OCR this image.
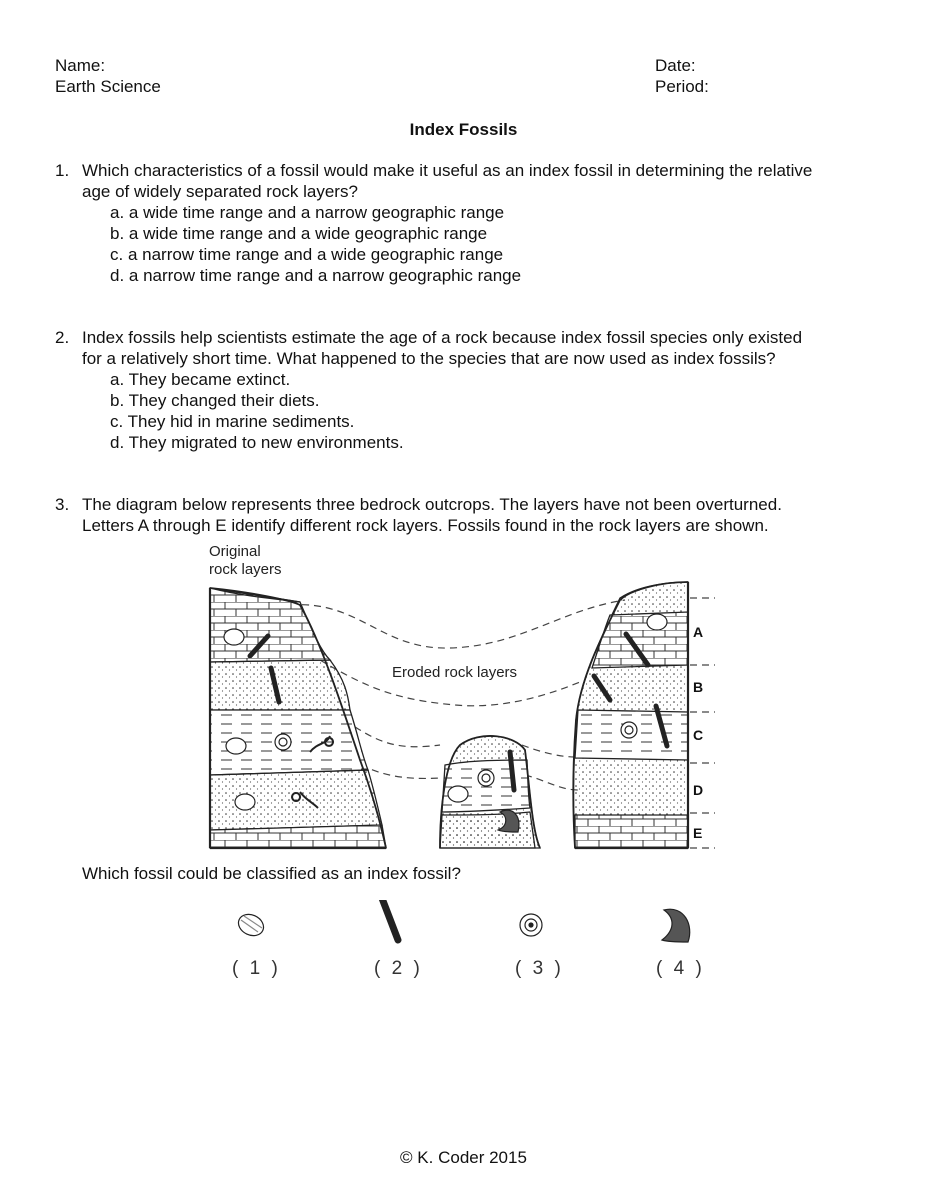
Name:
Earth Science
Date:
Period:
Index Fossils
1. Which characteristics of a fossil would make it useful as an index fossil in determining the relative
age of widely separated rock layers?
a. a wide time range and a narrow geographic range
b. a wide time range and a wide geographic range
c. a narrow time range and a wide geographic range
d. a narrow time range and a narrow geographic range
2. Index fossils help scientists estimate the age of a rock because index fossil species only existed
for a relatively short time. What happened to the species that are now used as index fossils?
a. They became extinct.
b. They changed their diets.
c. They hid in marine sediments.
d. They migrated to new environments.
3. The diagram below represents three bedrock outcrops. The layers have not been overturned.
Letters A through E identify different rock layers. Fossils found in the rock layers are shown.
Original
rock layers
Eroded rock layers
A
B
C
D
E
Which fossil could be classified as an index fossil?
( 1 )	( 2 )	( 3 )	( 4 )
© K. Coder 2015
